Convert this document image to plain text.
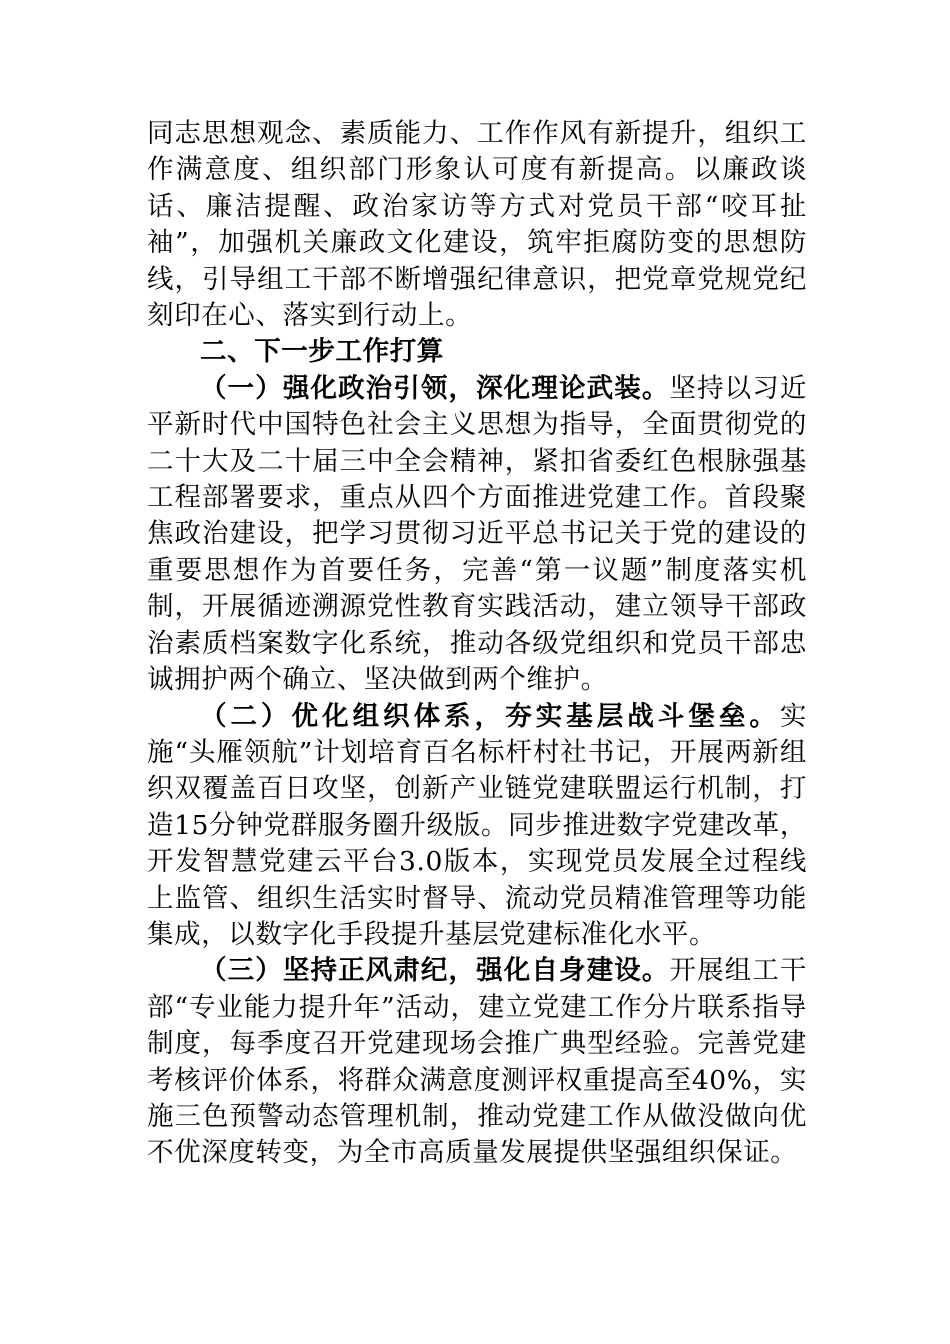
同志思想观念、素质能力、工作作风有新提升，组织工作满意度、组织部门形象认可度有新提高。以廉政谈话、廉洁提醒、政治家访等方式对党员干部“咬耳扯袖”，加强机关廉政文化建设，筑牢拒腐防变的思想防线，引导组工干部不断增强纪律意识，把党章党规党纪刻印在心、落实到行动上。

二、下一步工作打算

（一）强化政治引领，深化理论武装。坚持以习近平新时代中国特色社会主义思想为指导，全面贯彻党的二十大及二十届三中全会精神，紧扣省委红色根脉强基工程部署要求，重点从四个方面推进党建工作。首段聚焦政治建设，把学习贯彻习近平总书记关于党的建设的重要思想作为首要任务，完善“第一议题”制度落实机制，开展循迹溯源党性教育实践活动，建立领导干部政治素质档案数字化系统，推动各级党组织和党员干部忠诚拥护两个确立、坚决做到两个维护。

（二）优化组织体系，夯实基层战斗堡垒。实施“头雁领航”计划培育百名标杆村社书记，开展两新组织双覆盖百日攻坚，创新产业链党建联盟运行机制，打造15分钟党群服务圈升级版。同步推进数字党建改革，开发智慧党建云平台3.0版本，实现党员发展全过程线上监管、组织生活实时督导、流动党员精准管理等功能集成，以数字化手段提升基层党建标准化水平。

（三）坚持正风肃纪，强化自身建设。开展组工干部“专业能力提升年”活动，建立党建工作分片联系指导制度，每季度召开党建现场会推广典型经验。完善党建考核评价体系，将群众满意度测评权重提高至40%，实施三色预警动态管理机制，推动党建工作从做没做向优不优深度转变，为全市高质量发展提供坚强组织保证。
